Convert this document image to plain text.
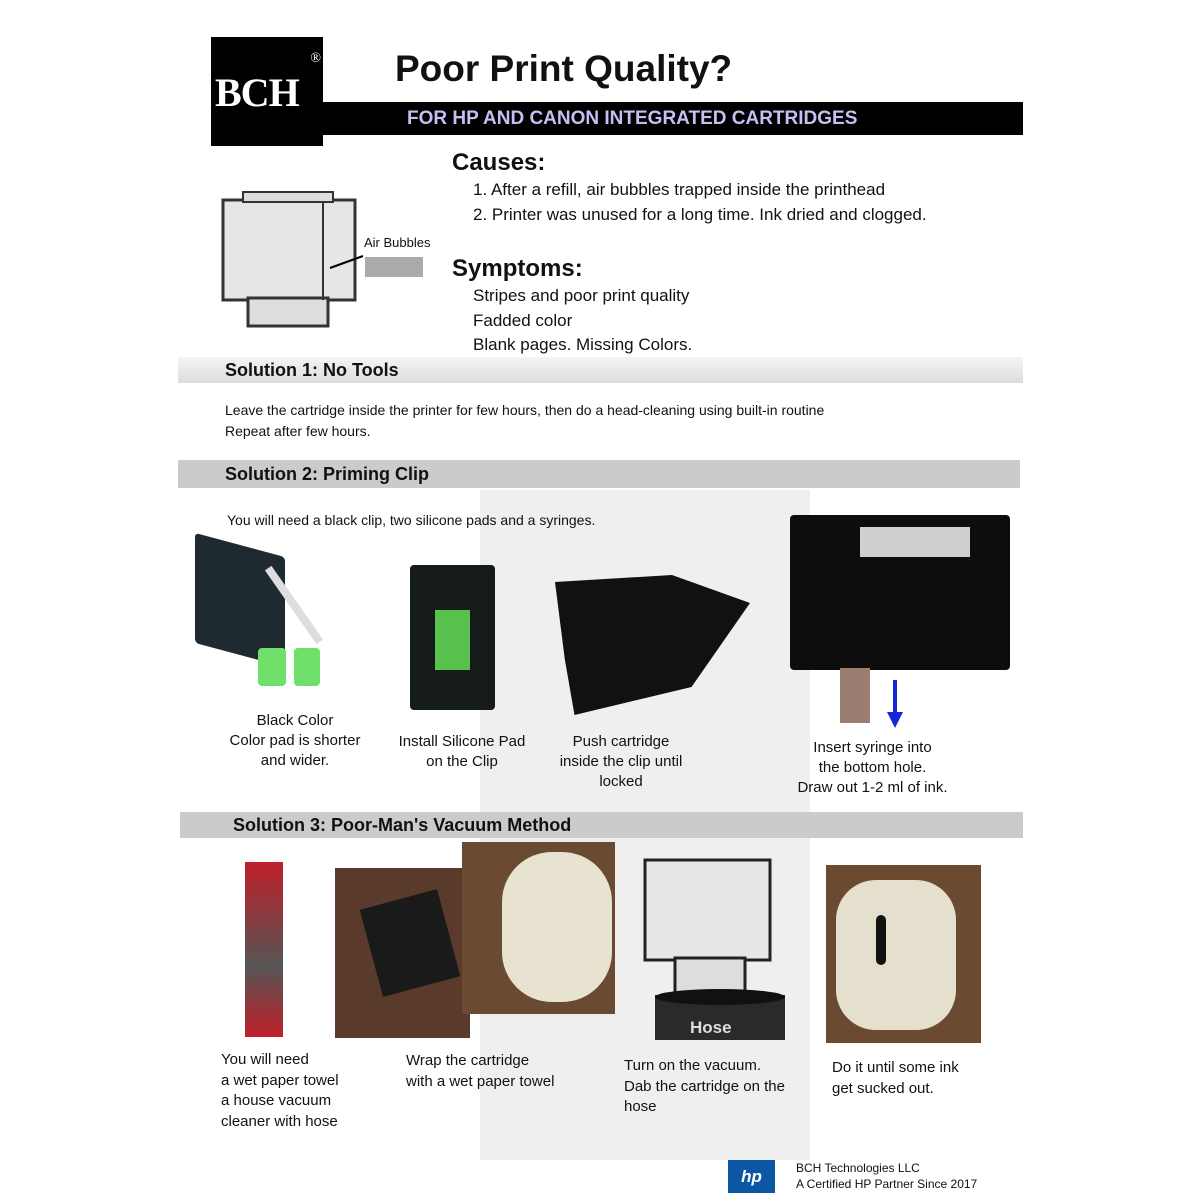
BCH
® Poor Print Quality?
FOR HP AND CANON INTEGRATED CARTRIDGES
Causes:
1. After a refill, air bubbles trapped inside the printhead
2. Printer was unused for a long time. Ink dried and clogged.
Air Bubbles
Symptoms:
Stripes and poor print quality
Fadded color
Blank pages. Missing Colors.
Solution 1: No Tools
Leave the cartridge inside the printer for few hours, then do a head-cleaning using built-in routine
Repeat after few hours.
Solution 2: Priming Clip
You will need a black clip, two silicone pads and a syringes.
Black Color
Color pad is shorter
and wider.
Install Silicone Pad
on the Clip
Push cartridge
inside the clip until
locked
Insert syringe into
the bottom hole.
Draw out 1-2 ml of ink.
Solution 3: Poor-Man's Vacuum Method
Hose
You will need
a wet paper towel
a house vacuum
cleaner with hose
Wrap the cartridge
with a wet paper towel
Turn on the vacuum.
Dab the cartridge on the
hose
Do it until some ink
get sucked out.
hp	BCH Technologies LLC
A Certified HP Partner Since 2017
